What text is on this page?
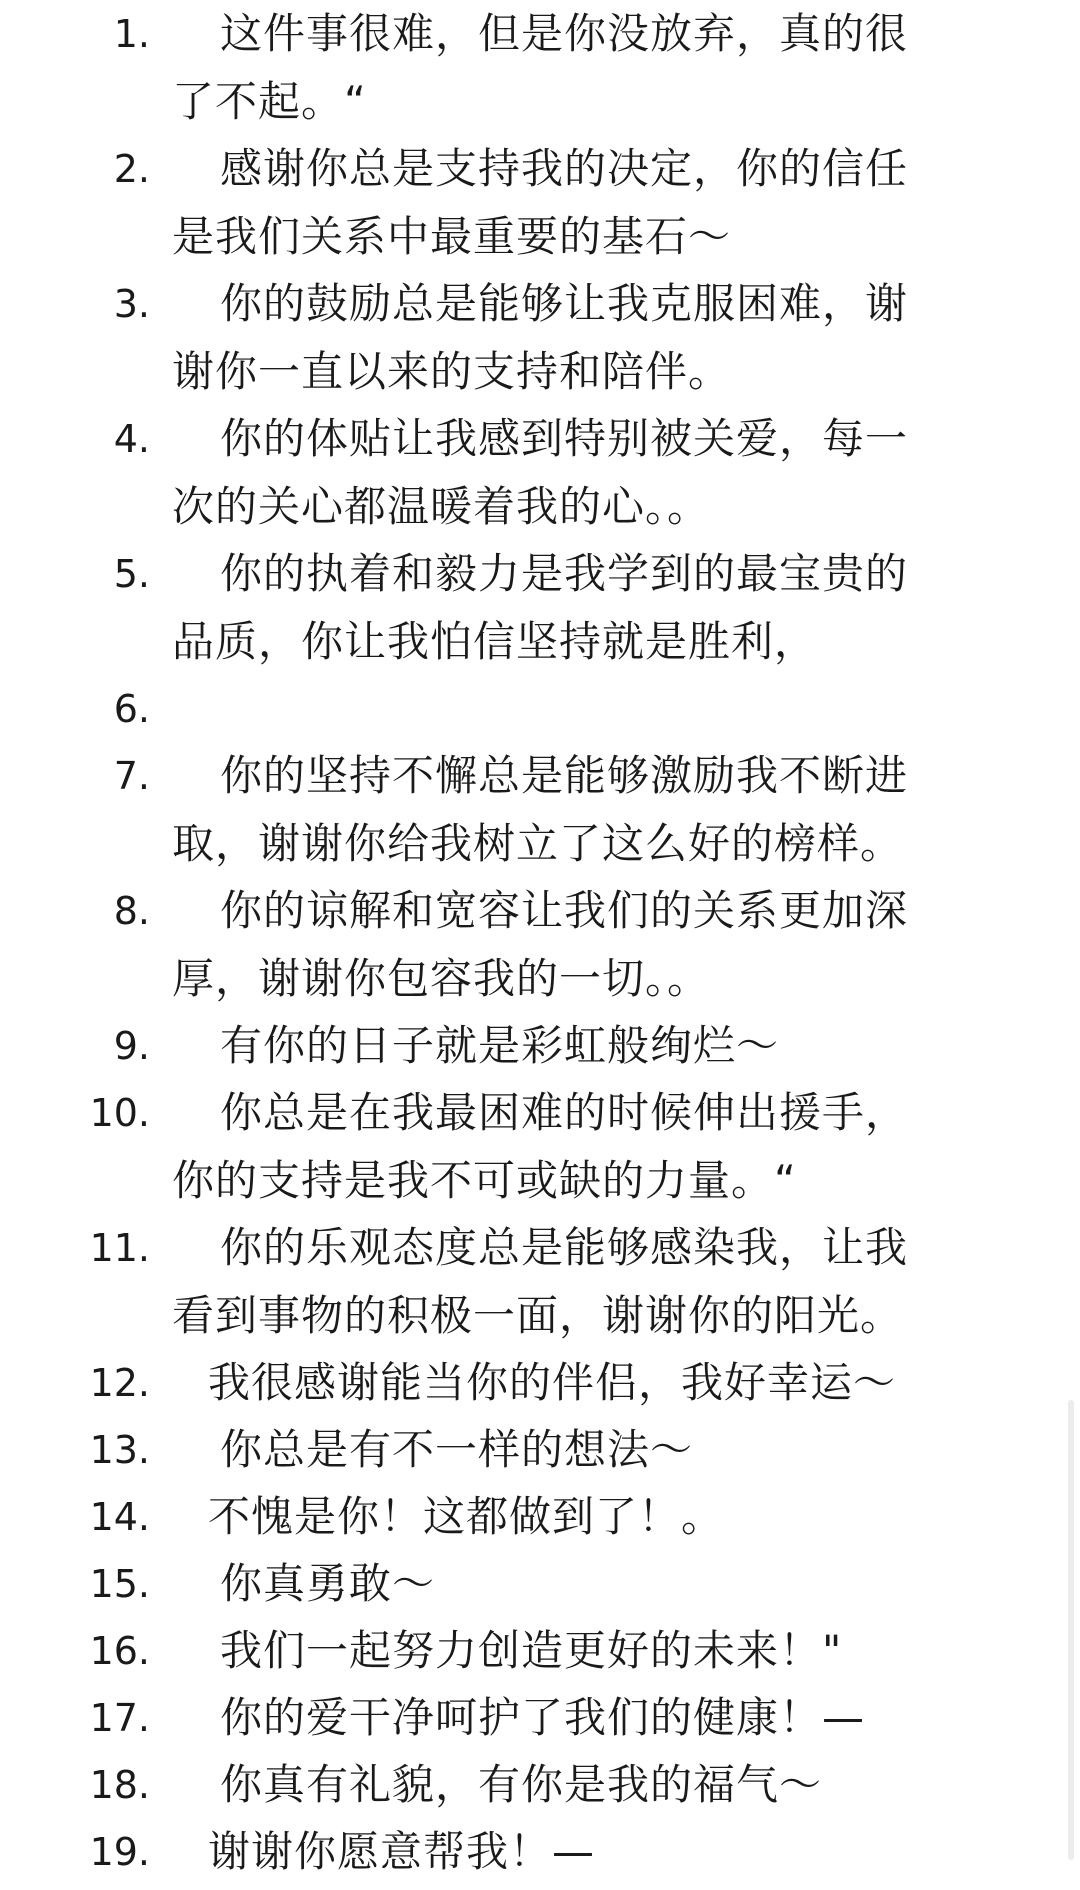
1. 这件事很难，但是你没放弃，真的很
了不起。“
2. 感谢你总是支持我的决定，你的信任
是我们关系中最重要的基石～
3. 你的鼓励总是能够让我克服困难，谢
谢你一直以来的支持和陪伴。
4. 你的体贴让我感到特别被关爱，每一
次的关心都温暖着我的心。。
5. 你的执着和毅力是我学到的最宝贵的
品质，你让我怕信坚持就是胜利，
6.
7. 你的坚持不懈总是能够激励我不断进
取，谢谢你给我树立了这么好的榜样。
8. 你的谅解和宽容让我们的关系更加深
厚，谢谢你包容我的一切。。
9. 有你的日子就是彩虹般绚烂～
10. 你总是在我最困难的时候伸出援手，
你的支持是我不可或缺的力量。“
11. 你的乐观态度总是能够感染我，让我
看到事物的积极一面，谢谢你的阳光。
12. 我很感谢能当你的伴侣，我好幸运～
13. 你总是有不一样的想法～
14. 不愧是你！这都做到了！。
15. 你真勇敢～
16. 我们一起努力创造更好的未来！"
17. 你的爱干净呵护了我们的健康！—
18. 你真有礼貌，有你是我的福气～
19. 谢谢你愿意帮我！—
